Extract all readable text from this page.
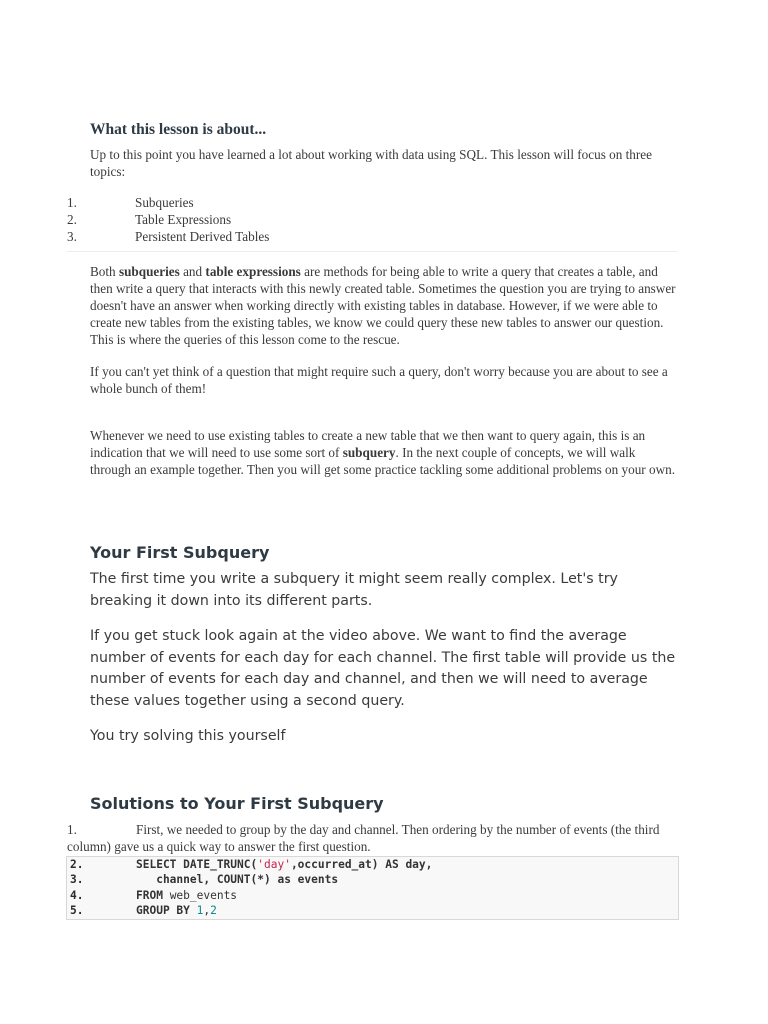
What this lesson is about...
Up to this point you have learned a lot about working with data using SQL. This lesson will focus on three topics:
1.	Subqueries
2.	Table Expressions
3.	Persistent Derived Tables

Both subqueries and table expressions are methods for being able to write a query that creates a table, and then write a query that interacts with this newly created table. Sometimes the question you are trying to answer doesn't have an answer when working directly with existing tables in database. However, if we were able to create new tables from the existing tables, we know we could query these new tables to answer our question. This is where the queries of this lesson come to the rescue.

If you can't yet think of a question that might require such a query, don't worry because you are about to see a whole bunch of them!

Whenever we need to use existing tables to create a new table that we then want to query again, this is an indication that we will need to use some sort of subquery. In the next couple of concepts, we will walk through an example together. Then you will get some practice tackling some additional problems on your own.

Your First Subquery

The first time you write a subquery it might seem really complex. Let's try breaking it down into its different parts.

If you get stuck look again at the video above. We want to find the average number of events for each day for each channel. The first table will provide us the number of events for each day and channel, and then we will need to average these values together using a second query.

You try solving this yourself

Solutions to Your First Subquery
1.	First, we needed to group by the day and channel. Then ordering by the number of events (the third column) gave us a quick way to answer the first question.
2.	SELECT DATE_TRUNC( 'day' ,occurred_at) AS day,
3.	channel, COUNT(*) as events
4.	FROM web_events
5.	GROUP BY 1 , 2
